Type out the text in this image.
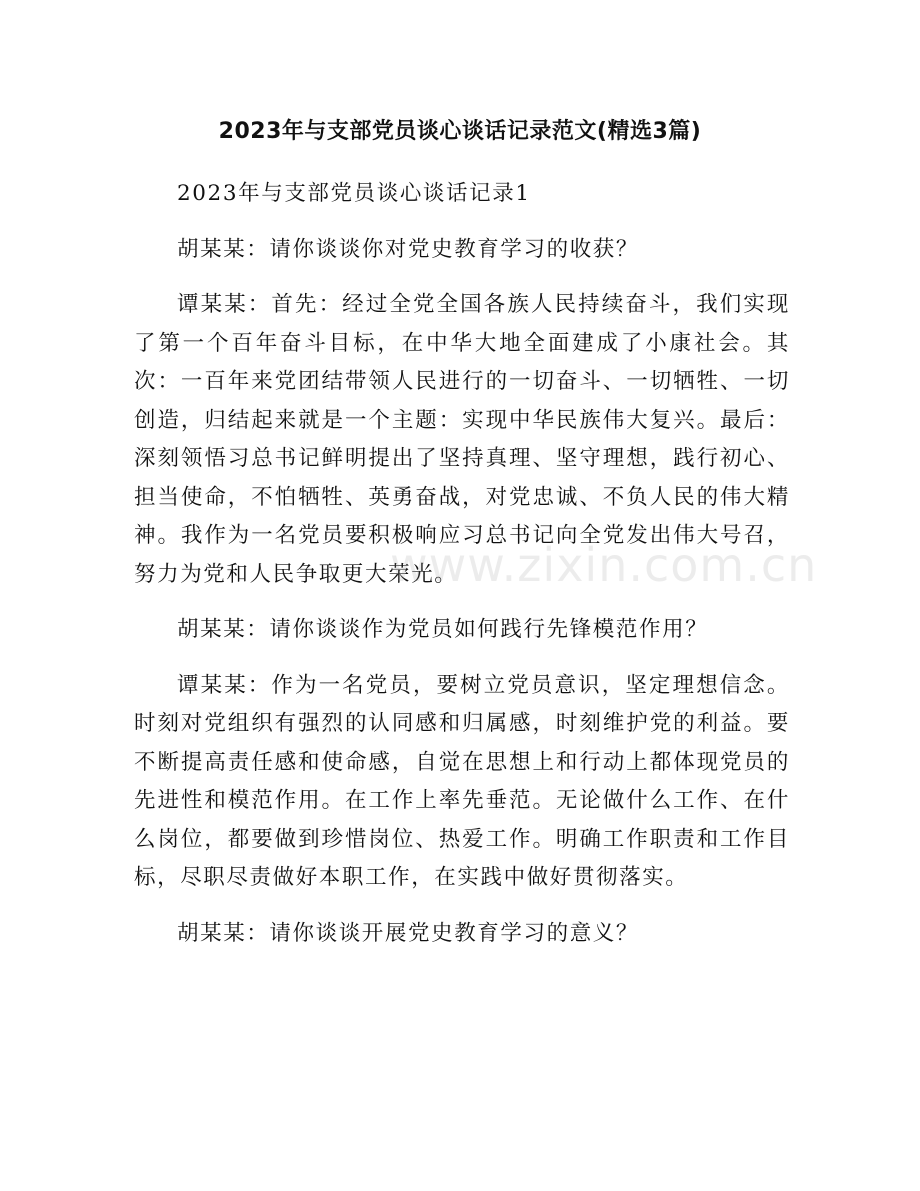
2023年与支部党员谈心谈话记录范文(精选3篇)

2023年与支部党员谈心谈话记录1

胡某某：请你谈谈你对党史教育学习的收获？

谭某某：首先：经过全党全国各族人民持续奋斗，我们实现了第一个百年奋斗目标，在中华大地全面建成了小康社会。其次：一百年来党团结带领人民进行的一切奋斗、一切牺牲、一切创造，归结起来就是一个主题：实现中华民族伟大复兴。最后：深刻领悟习总书记鲜明提出了坚持真理、坚守理想，践行初心、担当使命，不怕牺牲、英勇奋战，对党忠诚、不负人民的伟大精神。我作为一名党员要积极响应习总书记向全党发出伟大号召，努力为党和人民争取更大荣光。

胡某某：请你谈谈作为党员如何践行先锋模范作用？

谭某某：作为一名党员，要树立党员意识，坚定理想信念。时刻对党组织有强烈的认同感和归属感，时刻维护党的利益。要不断提高责任感和使命感，自觉在思想上和行动上都体现党员的先进性和模范作用。在工作上率先垂范。无论做什么工作、在什么岗位，都要做到珍惜岗位、热爱工作。明确工作职责和工作目标，尽职尽责做好本职工作，在实践中做好贯彻落实。

胡某某：请你谈谈开展党史教育学习的意义？

www.zixin.com.cn
